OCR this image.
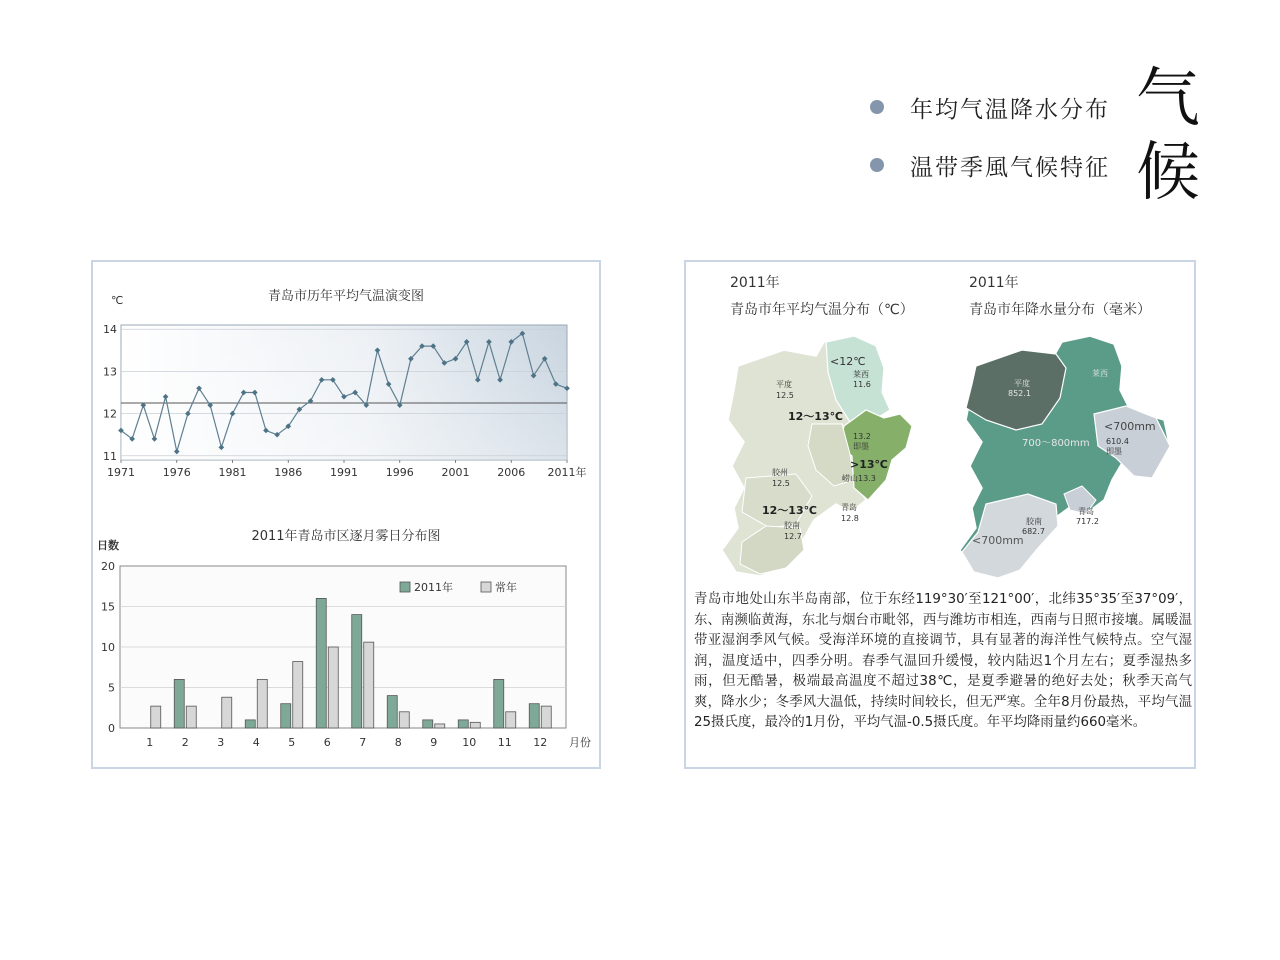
年均气温降水分布
温带季風气候特征
气
候
青岛市历年平均气温演变图
℃
11
12
13
14
1971	1976	1981	1986	1991	1996	2001	2006 2011年
2011年青岛市区逐月雾日分布图
日数
0
5
10
15
20
1	2	3	4	5	6	7	8	9 10 11 12 月份
2011年	常年
2011年
青岛市年平均气温分布（℃）
2011年
青岛市年降水量分布（毫米）
<12℃
莱西
11.6
平度
12.5
12～13℃
13.2
即墨
>13℃
崂山 13.3
胶州
12.5
12～13℃	青岛
12.8
胶南
12.7
平度
852.1
莱西
<700mm
610.4
即墨
700～800mm
胶南
682.7
青岛
717.2
<700mm
青岛市地处山东半岛南部，位于东经119°30′至121°00′，北纬35°35′至37°09′，东、南濒临黄海，东北与烟台市毗邻，西与潍坊市相连，西南与日照市接壤。属暖温带亚湿润季风气候。受海洋环境的直接调节，具有显著的海洋性气候特点。空气湿润，温度适中，四季分明。春季气温回升缓慢，较内陆迟1个月左右；夏季湿热多雨，但无酷暑，极端最高温度不超过38℃，是夏季避暑的绝好去处；秋季天高气爽，降水少；冬季风大温低，持续时间较长，但无严寒。全年8月份最热，平均气温25摄氏度，最冷的1月份，平均气温-0.5摄氏度。年平均降雨量约660毫米。
